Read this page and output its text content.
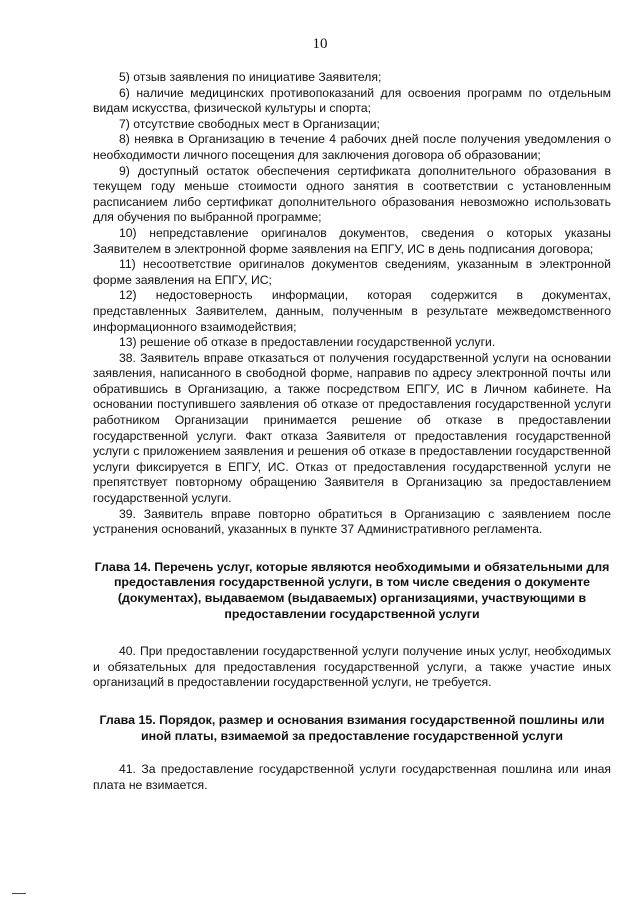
10

5) отзыв заявления по инициативе Заявителя;

6) наличие медицинских противопоказаний для освоения программ по отдельным видам искусства, физической культуры и спорта;

7) отсутствие свободных мест в Организации;

8) неявка в Организацию в течение 4 рабочих дней после получения уведомления о необходимости личного посещения для заключения договора об образовании;

9) доступный остаток обеспечения сертификата дополнительного образования в текущем году меньше стоимости одного занятия в соответствии с установленным расписанием либо сертификат дополнительного образования невозможно использовать для обучения по выбранной программе;

10) непредставление оригиналов документов, сведения о которых указаны Заявителем в электронной форме заявления на ЕПГУ, ИС в день подписания договора;

11) несоответствие оригиналов документов сведениям, указанным в электронной форме заявления на ЕПГУ, ИС;

12) недостоверность информации, которая содержится в документах, представленных Заявителем, данным, полученным в результате межведомственного информационного взаимодействия;

13) решение об отказе в предоставлении государственной услуги.

38. Заявитель вправе отказаться от получения государственной услуги на основании заявления, написанного в свободной форме, направив по адресу электронной почты или обратившись в Организацию, а также посредством ЕПГУ, ИС в Личном кабинете. На основании поступившего заявления об отказе от предоставления государственной услуги работником Организации принимается решение об отказе в предоставлении государственной услуги. Факт отказа Заявителя от предоставления государственной услуги с приложением заявления и решения об отказе в предоставлении государственной услуги фиксируется в ЕПГУ, ИС. Отказ от предоставления государственной услуги не препятствует повторному обращению Заявителя в Организацию за предоставлением государственной услуги.

39. Заявитель вправе повторно обратиться в Организацию с заявлением после устранения оснований, указанных в пункте 37 Административного регламента.

Глава 14. Перечень услуг, которые являются необходимыми и обязательными для предоставления государственной услуги, в том числе сведения о документе (документах), выдаваемом (выдаваемых) организациями, участвующими в предоставлении государственной услуги

40. При предоставлении государственной услуги получение иных услуг, необходимых и обязательных для предоставления государственной услуги, а также участие иных организаций в предоставлении государственной услуги, не требуется.

Глава 15. Порядок, размер и основания взимания государственной пошлины или иной платы, взимаемой за предоставление государственной услуги

41. За предоставление государственной услуги государственная пошлина или иная плата не взимается.
